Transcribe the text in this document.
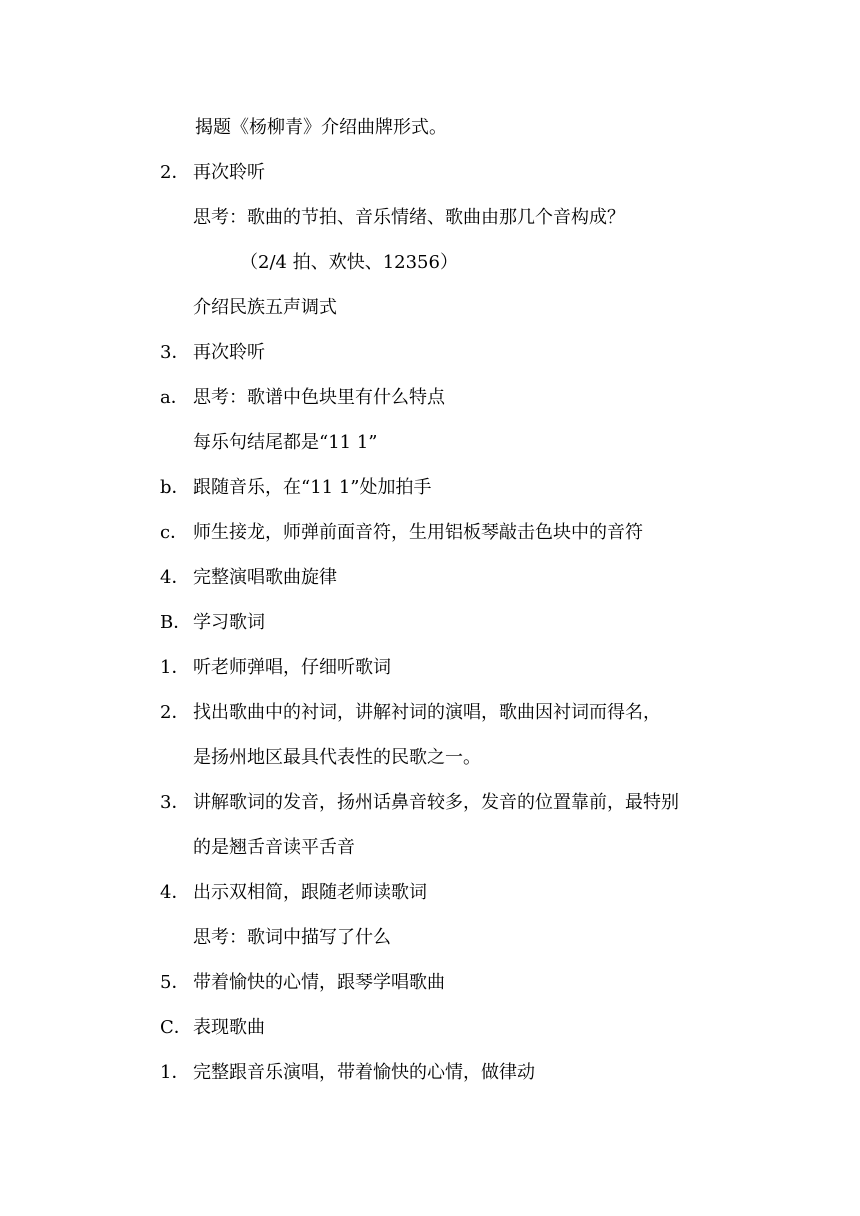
揭题《杨柳青》介绍曲牌形式。
2． 再次聆听
思考：歌曲的节拍、音乐情绪、歌曲由那几个音构成？
（2/4 拍、欢快、12356）
介绍民族五声调式
3． 再次聆听
a． 思考：歌谱中色块里有什么特点
每乐句结尾都是“11 1”
b． 跟随音乐，在“11 1”处加拍手
c． 师生接龙，师弹前面音符，生用铝板琴敲击色块中的音符
4． 完整演唱歌曲旋律
B． 学习歌词
1． 听老师弹唱，仔细听歌词
2． 找出歌曲中的衬词，讲解衬词的演唱，歌曲因衬词而得名，
是扬州地区最具代表性的民歌之一。
3． 讲解歌词的发音，扬州话鼻音较多，发音的位置靠前，最特别
的是翘舌音读平舌音
4． 出示双相简，跟随老师读歌词
思考：歌词中描写了什么
5． 带着愉快的心情，跟琴学唱歌曲
C． 表现歌曲
1． 完整跟音乐演唱，带着愉快的心情，做律动
